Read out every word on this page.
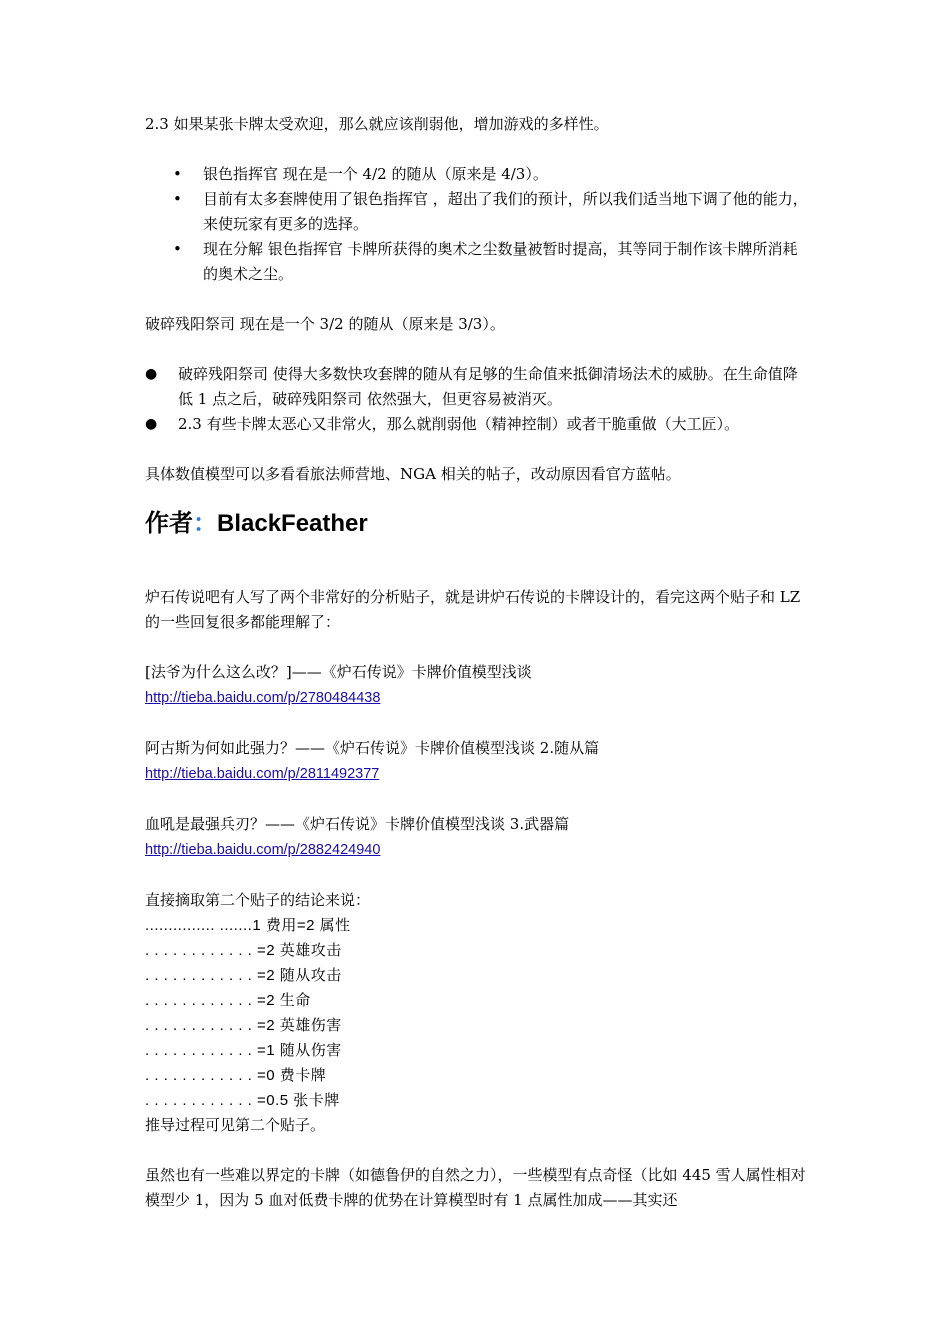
2.3 如果某张卡牌太受欢迎，那么就应该削弱他，增加游戏的多样性。

• 银色指挥官 现在是一个 4/2 的随从（原来是 4/3）。
• 目前有太多套牌使用了银色指挥官 ，超出了我们的预计，所以我们适当地下调了他的能力，来使玩家有更多的选择。
• 现在分解 银色指挥官 卡牌所获得的奥术之尘数量被暂时提高，其等同于制作该卡牌所消耗的奥术之尘。

破碎残阳祭司 现在是一个 3/2 的随从（原来是 3/3）。

● 破碎残阳祭司 使得大多数快攻套牌的随从有足够的生命值来抵御清场法术的威胁。在生命值降低 1 点之后，破碎残阳祭司 依然强大，但更容易被消灭。
● 2.3 有些卡牌太恶心又非常火，那么就削弱他（精神控制）或者干脆重做（大工匠）。

具体数值模型可以多看看旅法师营地、NGA 相关的帖子，改动原因看官方蓝帖。

作者：BlackFeather

炉石传说吧有人写了两个非常好的分析贴子，就是讲炉石传说的卡牌设计的，看完这两个贴子和 LZ 的一些回复很多都能理解了：

[法爷为什么这么改？]——《炉石传说》卡牌价值模型浅谈

http://tieba.baidu.com/p/2780484438

阿古斯为何如此强力？——《炉石传说》卡牌价值模型浅谈 2.随从篇

http://tieba.baidu.com/p/2811492377

血吼是最强兵刃？——《炉石传说》卡牌价值模型浅谈 3.武器篇

http://tieba.baidu.com/p/2882424940

直接摘取第二个贴子的结论来说：

............... .......1 费用=2 属性

. . . . . . . . . . . . =2 英雄攻击

. . . . . . . . . . . . =2 随从攻击

. . . . . . . . . . . . =2 生命

. . . . . . . . . . . . =2 英雄伤害

. . . . . . . . . . . . =1 随从伤害

. . . . . . . . . . . . =0 费卡牌

. . . . . . . . . . . . =0.5 张卡牌

推导过程可见第二个贴子。

虽然也有一些难以界定的卡牌（如德鲁伊的自然之力），一些模型有点奇怪（比如 445 雪人属性相对模型少 1，因为 5 血对低费卡牌的优势在计算模型时有 1 点属性加成——其实还
